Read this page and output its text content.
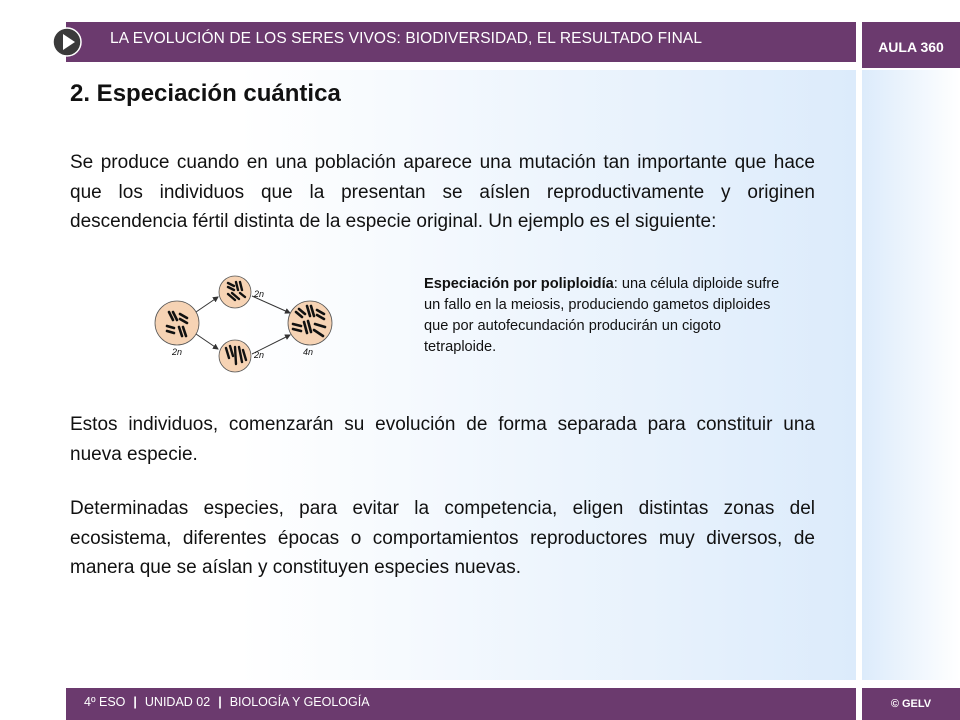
LA EVOLUCIÓN DE LOS SERES VIVOS: BIODIVERSIDAD, EL RESULTADO FINAL	AULA 360
2. Especiación cuántica

Se produce cuando en una población aparece una mutación tan importante que hace que los individuos que la presentan se aíslen reproductivamente y originen descendencia fértil distinta de la especie original. Un ejemplo es el siguiente:

2n
2n
2n	4n

Especiación por poliploidía: una célula diploide sufre un fallo en la meiosis, produciendo gametos diploides que por autofecundación producirán un cigoto tetraploide.

Estos individuos, comenzarán su evolución de forma separada para constituir una nueva especie.

Determinadas especies, para evitar la competencia, eligen distintas zonas del ecosistema, diferentes épocas o comportamientos reproductores muy diversos, de manera que se aíslan y constituyen especies nuevas.

4º ESO | UNIDAD 02 | BIOLOGÍA Y GEOLOGÍA	© GELV
